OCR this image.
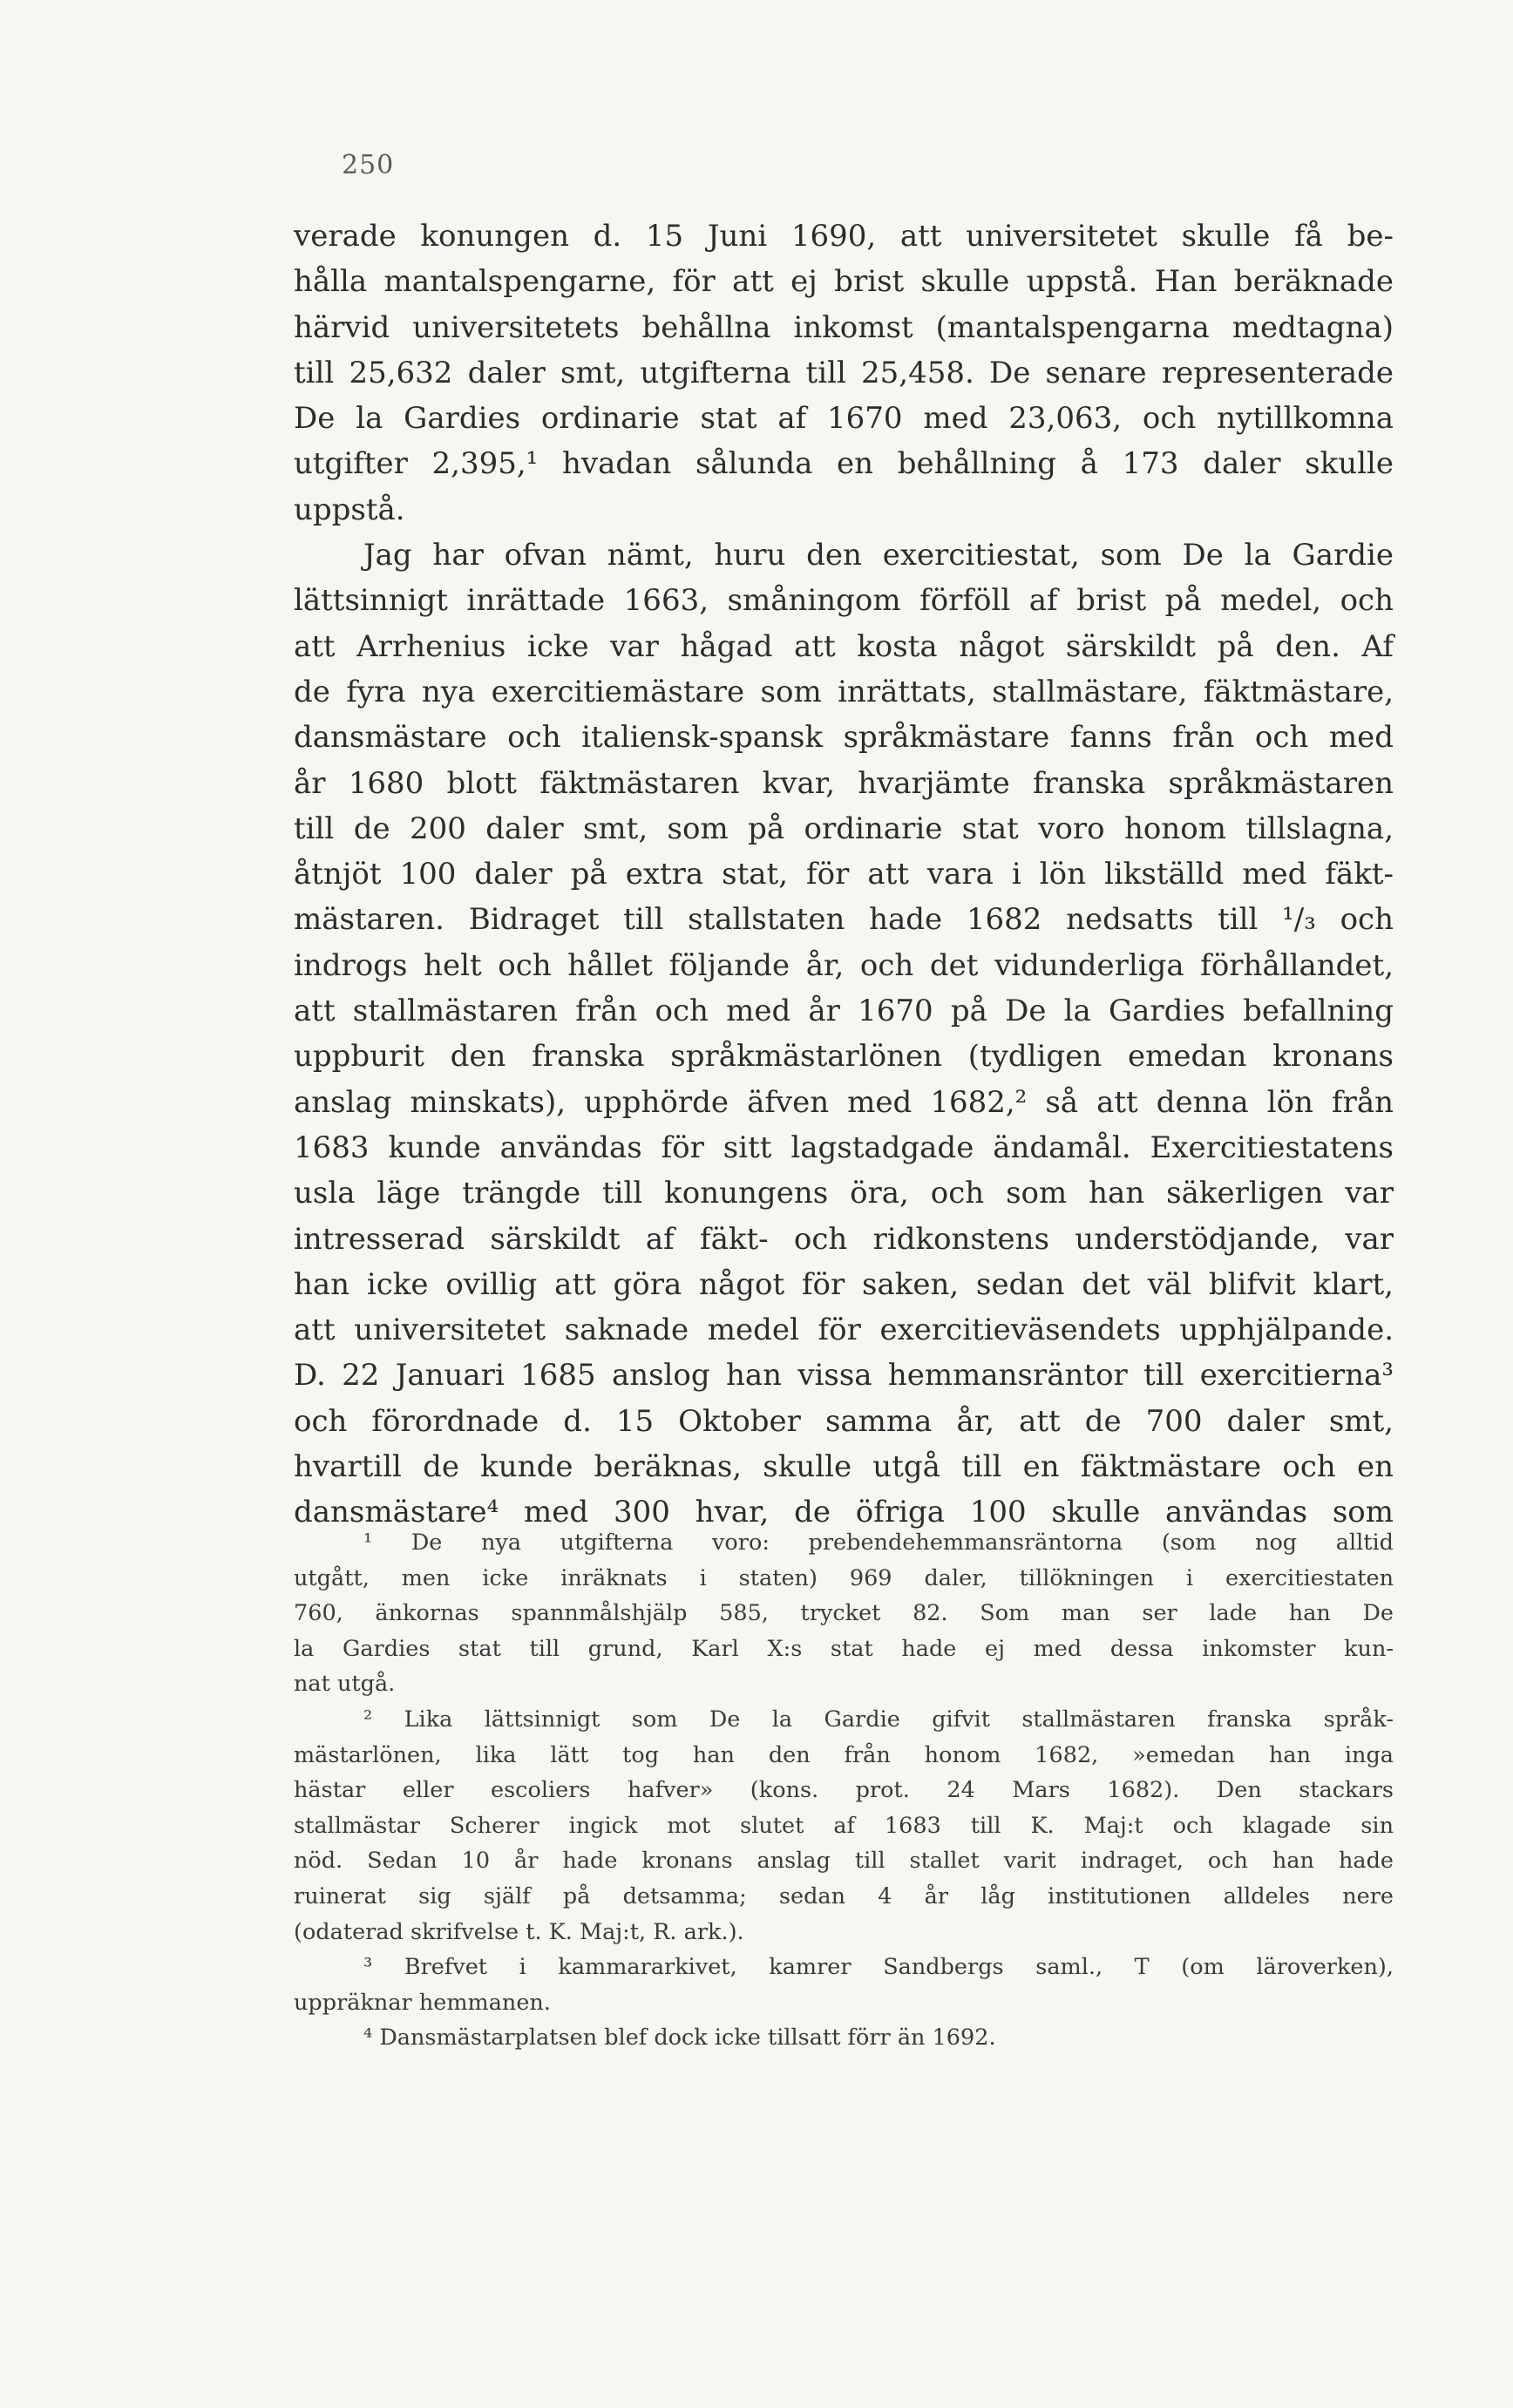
250
verade konungen d. 15 Juni 1690, att universitetet skulle få be-
hålla mantalspengarne, för att ej brist skulle uppstå. Han beräknade
härvid universitetets behållna inkomst (mantalspengarna medtagna)
till 25,632 daler smt, utgifterna till 25,458. De senare representerade
De la Gardies ordinarie stat af 1670 med 23,063, och nytillkomna
utgifter 2,395,¹ hvadan sålunda en behållning å 173 daler skulle
uppstå.
Jag har ofvan nämt, huru den exercitiestat, som De la Gardie
lättsinnigt inrättade 1663, småningom förföll af brist på medel, och
att Arrhenius icke var hågad att kosta något särskildt på den. Af
de fyra nya exercitiemästare som inrättats, stallmästare, fäktmästare,
dansmästare och italiensk-spansk språkmästare fanns från och med
år 1680 blott fäktmästaren kvar, hvarjämte franska språkmästaren
till de 200 daler smt, som på ordinarie stat voro honom tillslagna,
åtnjöt 100 daler på extra stat, för att vara i lön likställd med fäkt-
mästaren. Bidraget till stallstaten hade 1682 nedsatts till ¹/₃ och
indrogs helt och hållet följande år, och det vidunderliga förhållandet,
att stallmästaren från och med år 1670 på De la Gardies befallning
uppburit den franska språkmästarlönen (tydligen emedan kronans
anslag minskats), upphörde äfven med 1682,² så att denna lön från
1683 kunde användas för sitt lagstadgade ändamål. Exercitiestatens
usla läge trängde till konungens öra, och som han säkerligen var
intresserad särskildt af fäkt- och ridkonstens understödjande, var
han icke ovillig att göra något för saken, sedan det väl blifvit klart,
att universitetet saknade medel för exercitieväsendets upphjälpande.
D. 22 Januari 1685 anslog han vissa hemmansräntor till exercitierna³
och förordnade d. 15 Oktober samma år, att de 700 daler smt,
hvartill de kunde beräknas, skulle utgå till en fäktmästare och en
dansmästare⁴ med 300 hvar, de öfriga 100 skulle användas som
¹ De nya utgifterna voro: prebendehemmansräntorna (som nog alltid
utgått, men icke inräknats i staten) 969 daler, tillökningen i exercitiestaten
760, änkornas spannmålshjälp 585, trycket 82. Som man ser lade han De
la Gardies stat till grund, Karl X:s stat hade ej med dessa inkomster kun-
nat utgå.
² Lika lättsinnigt som De la Gardie gifvit stallmästaren franska språk-
mästarlönen, lika lätt tog han den från honom 1682, »emedan han inga
hästar eller escoliers hafver» (kons. prot. 24 Mars 1682). Den stackars
stallmästar Scherer ingick mot slutet af 1683 till K. Maj:t och klagade sin
nöd. Sedan 10 år hade kronans anslag till stallet varit indraget, och han hade
ruinerat sig själf på detsamma; sedan 4 år låg institutionen alldeles nere
(odaterad skrifvelse t. K. Maj:t, R. ark.).
³ Brefvet i kammararkivet, kamrer Sandbergs saml., T (om läroverken),
uppräknar hemmanen.
⁴ Dansmästarplatsen blef dock icke tillsatt förr än 1692.
